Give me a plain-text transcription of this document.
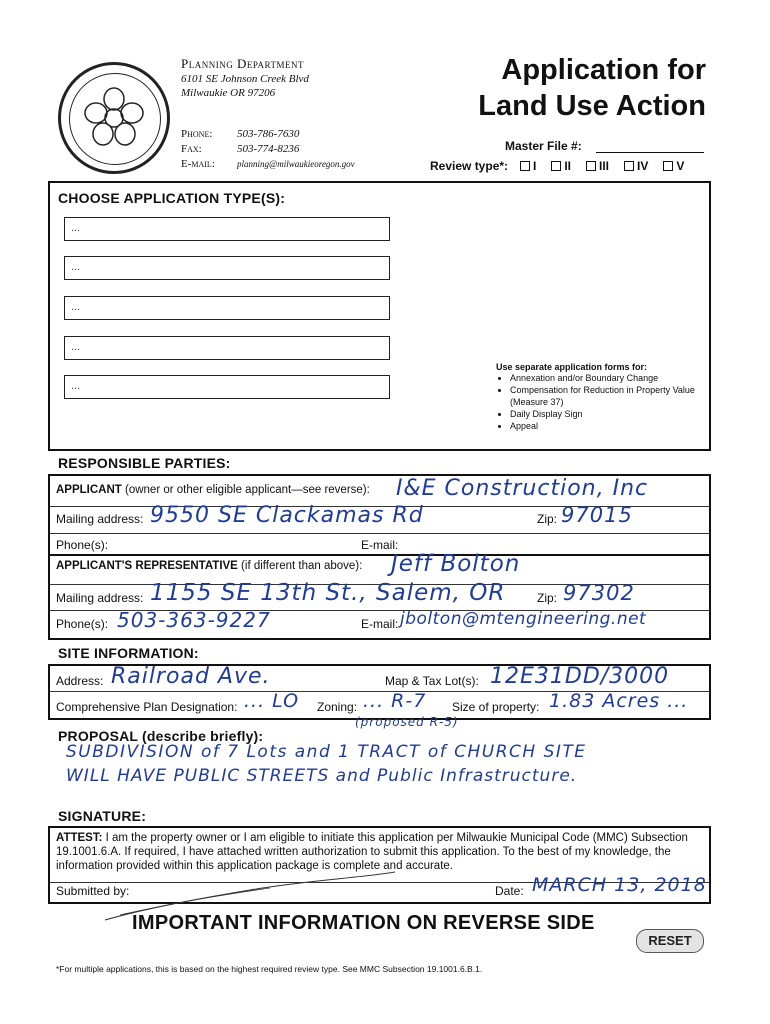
Planning Department
6101 SE Johnson Creek Blvd
Milwaukie OR 97206
Phone: 503-786-7630
Fax:	503-774-8236
E-mail: planning@milwaukieoregon.gov
Application for
Land Use Action
Master File #:
Review type*:	I	II	III	IV	V
CHOOSE APPLICATION TYPE(S):
...
...
...
...
...
Use separate application forms for:
• Annexation and/or Boundary Change
• Compensation for Reduction in Property Value (Measure 37)
• Daily Display Sign
• Appeal
RESPONSIBLE PARTIES:
APPLICANT (owner or other eligible applicant—see reverse): I&E Construction, Inc
Mailing address: 9550 SE Clackamas Rd	Zip: 97015
Phone(s):	E-mail:
APPLICANT'S REPRESENTATIVE (if different than above): Jeff Bolton
Mailing address: 1155 SE 13th St., Salem, OR	Zip: 97302
Phone(s): 503-363-9227	E-mail: jbolton@mtengineering.net
SITE INFORMATION:
Address: Railroad Ave.	Map & Tax Lot(s): 12E31DD/3000
Comprehensive Plan Designation: ... LO Zoning: ... R-7 Size of property: 1.83 Acres ...
(proposed R-5)
PROPOSAL (describe briefly):
SUBDIVISION of 7 Lots and 1 TRACT of CHURCH SITE
WILL HAVE PUBLIC STREETS and Public Infrastructure.
SIGNATURE:
ATTEST: I am the property owner or I am eligible to initiate this application per Milwaukie Municipal Code (MMC) Subsection 19.1001.6.A. If required, I have attached written authorization to submit this application. To the best of my knowledge, the information provided within this application package is complete and accurate.
Submitted by:	Date: MARCH 13, 2018
IMPORTANT INFORMATION ON REVERSE SIDE
RESET
*For multiple applications, this is based on the highest required review type. See MMC Subsection 19.1001.6.B.1.
